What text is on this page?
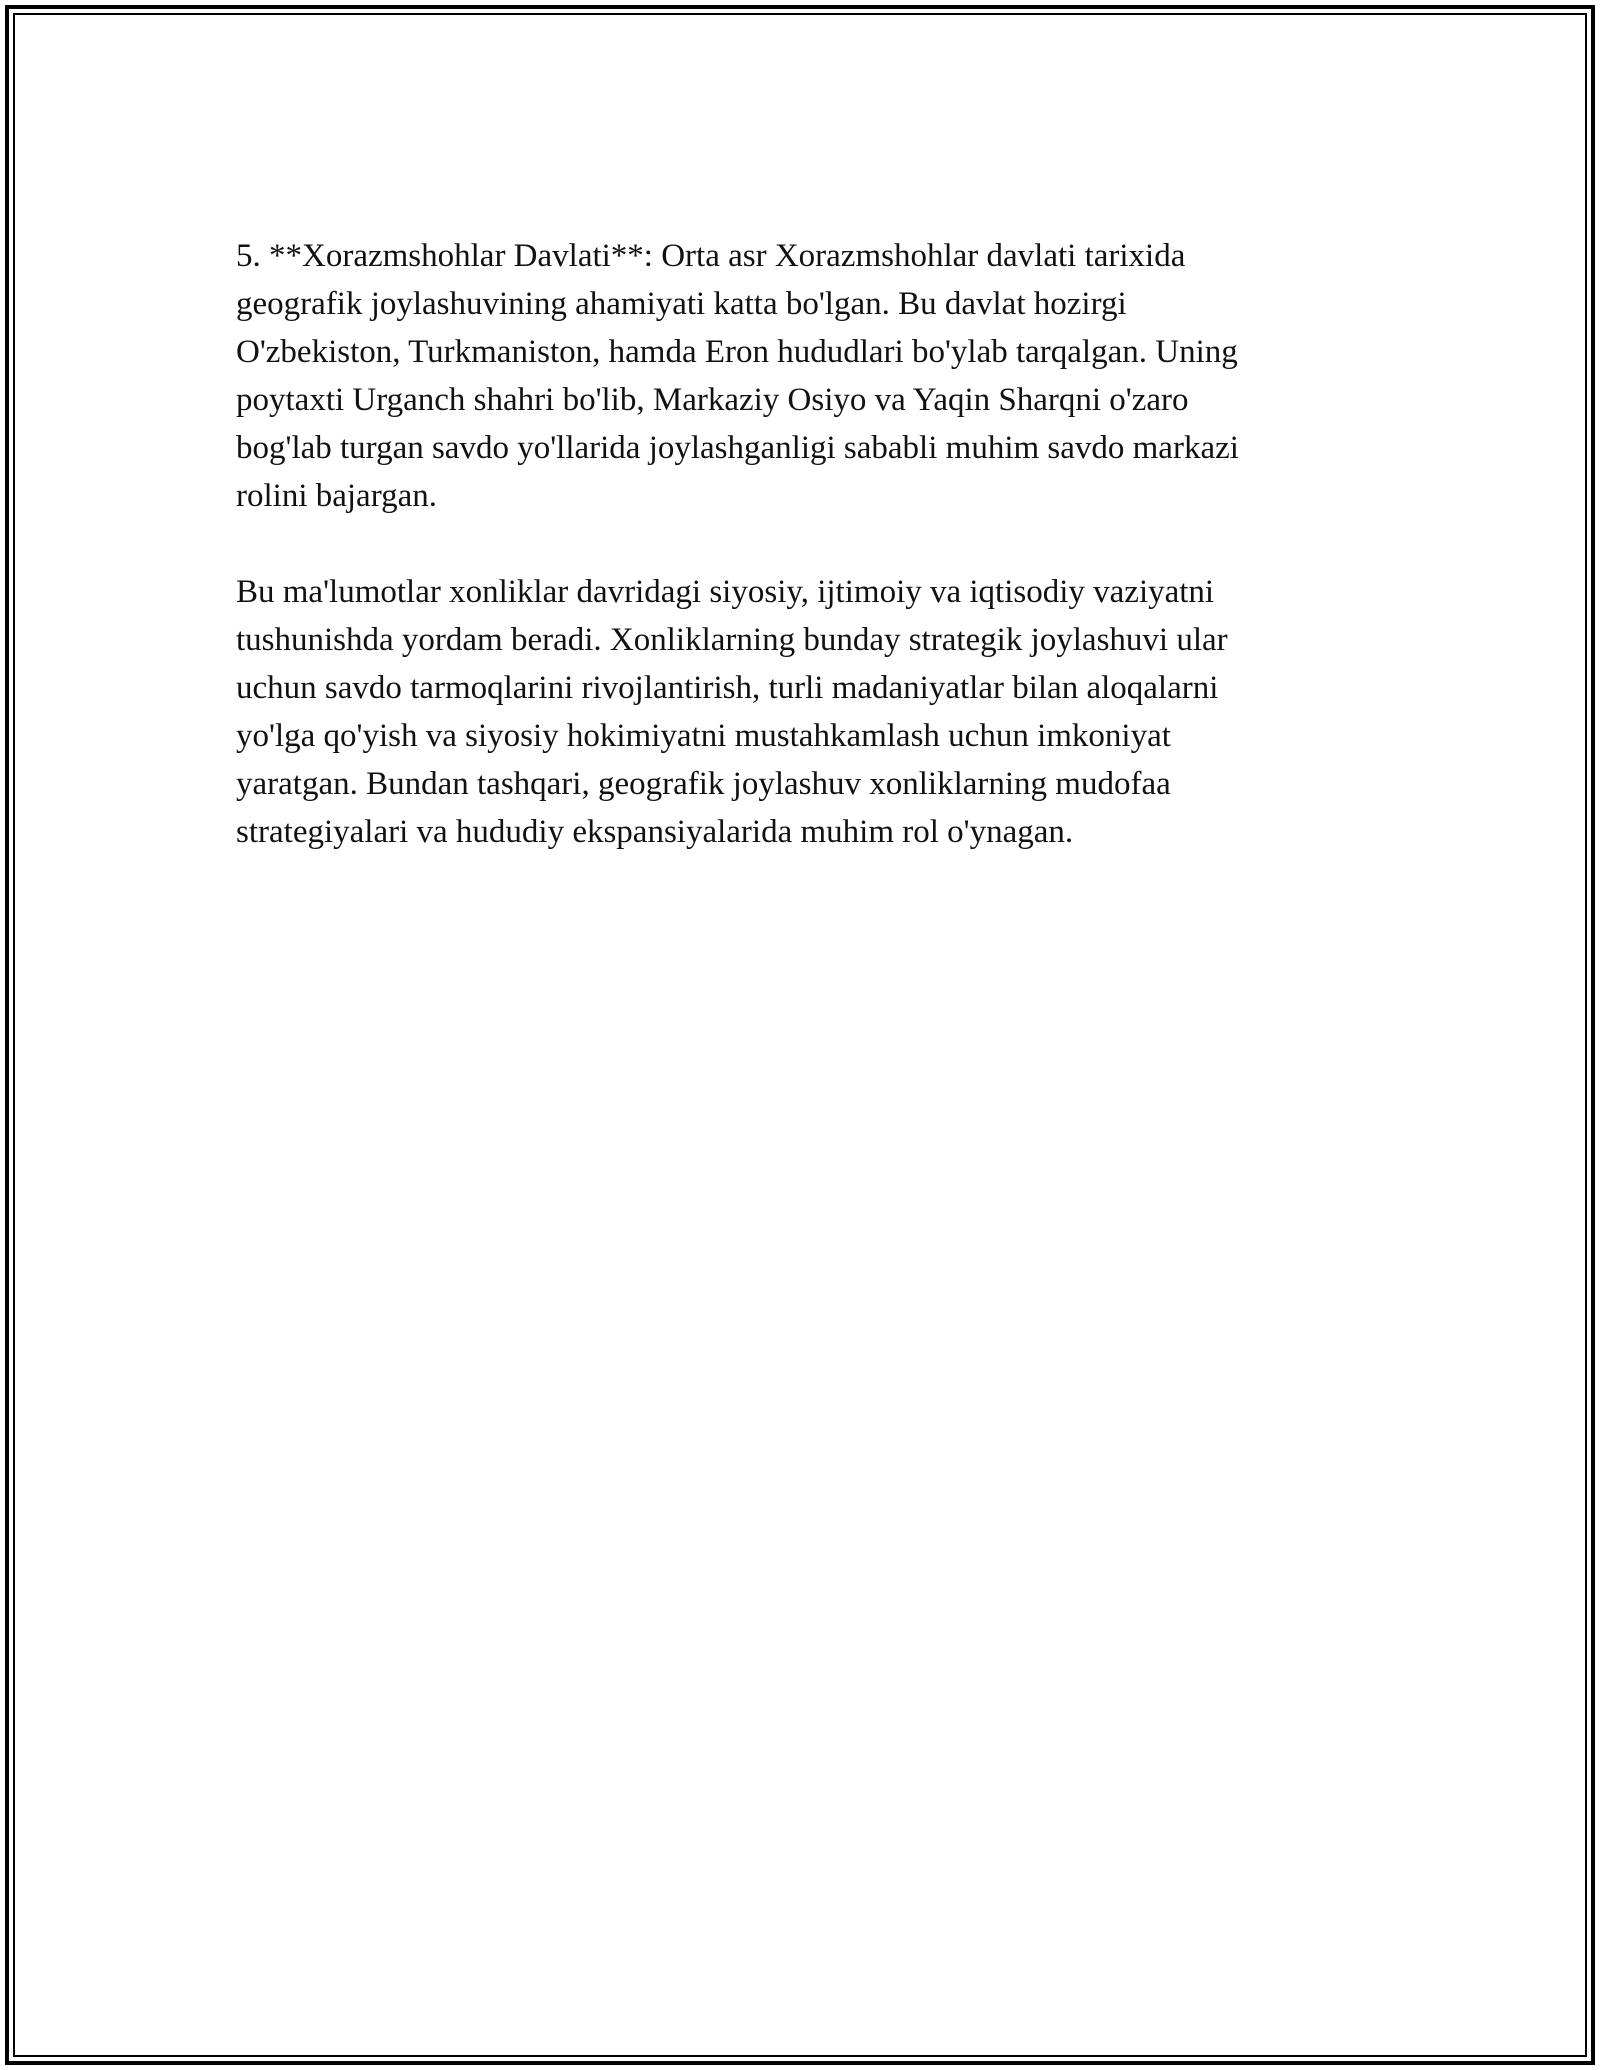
5. **Xorazmshohlar Davlati**: Orta asr Xorazmshohlar davlati tarixida
geografik joylashuvining ahamiyati katta bo'lgan. Bu davlat hozirgi
O'zbekiston, Turkmaniston, hamda Eron hududlari bo'ylab tarqalgan. Uning
poytaxti Urganch shahri bo'lib, Markaziy Osiyo va Yaqin Sharqni o'zaro
bog'lab turgan savdo yo'llarida joylashganligi sababli muhim savdo markazi
rolini bajargan.

Bu ma'lumotlar xonliklar davridagi siyosiy, ijtimoiy va iqtisodiy vaziyatni
tushunishda yordam beradi. Xonliklarning bunday strategik joylashuvi ular
uchun savdo tarmoqlarini rivojlantirish, turli madaniyatlar bilan aloqalarni
yo'lga qo'yish va siyosiy hokimiyatni mustahkamlash uchun imkoniyat
yaratgan. Bundan tashqari, geografik joylashuv xonliklarning mudofaa
strategiyalari va hududiy ekspansiyalarida muhim rol o'ynagan.
